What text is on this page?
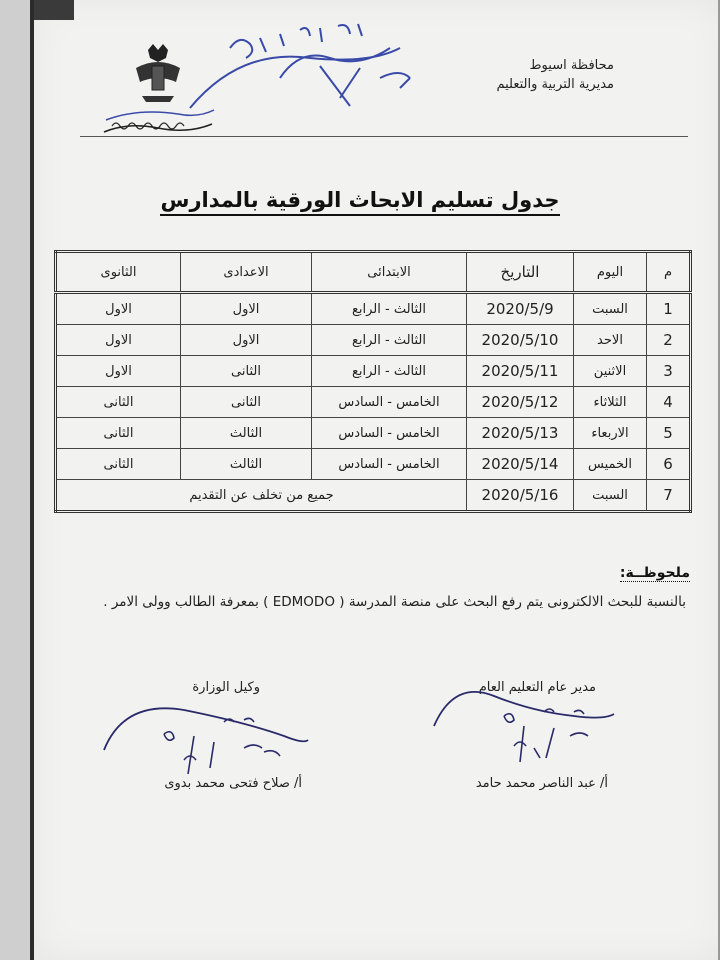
محافظة اسيوط
مديرية التربية والتعليم
جدول تسليم الابحاث الورقية بالمدارس
م	اليوم	التاريخ	الابتدائى	الاعدادى	الثانوى
1	السبت	2020/5/9	الثالث - الرابع	الاول	الاول
2	الاحد	2020/5/10	الثالث - الرابع	الاول	الاول
3	الاثنين	2020/5/11	الثالث - الرابع	الثانى	الاول
4	الثلاثاء	2020/5/12	الخامس - السادس	الثانى	الثانى
5	الاربعاء	2020/5/13	الخامس - السادس	الثالث	الثانى
6	الخميس	2020/5/14	الخامس - السادس	الثالث	الثانى
7	السبت	2020/5/16	جميع من تخلف عن التقديم		
ملحوظــة:
بالنسبة للبحث الالكترونى يتم رفع البحث على منصة المدرسة ( EDMODO ) بمعرفة الطالب وولى الامر .
مدير عام التعليم العام
وكيل الوزارة
أ/ عبد الناصر محمد حامد
أ/ صلاح فتحى محمد بدوى
